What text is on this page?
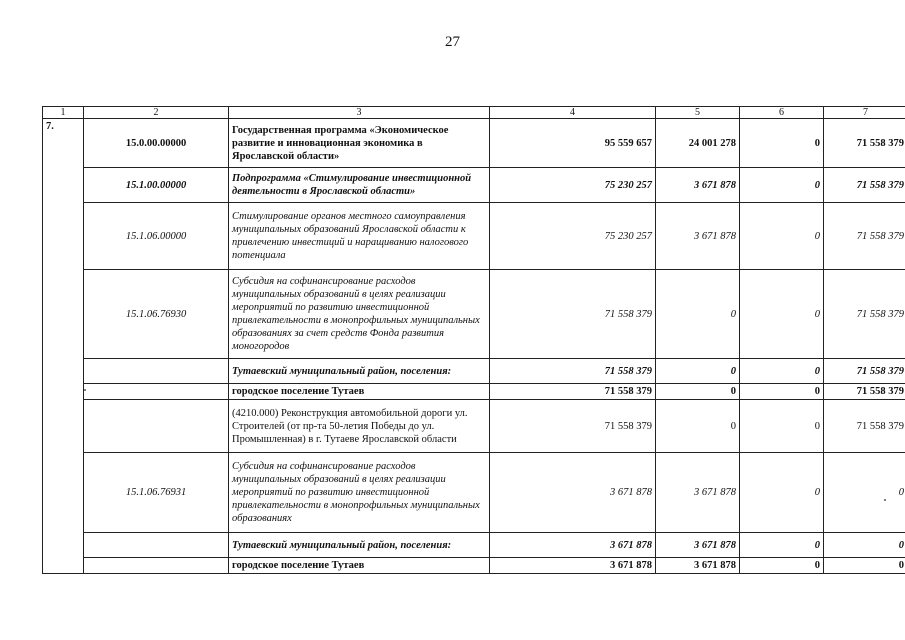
27
1	2	3	4	5	6	7
7.	15.0.00.00000	Государственная программа «Экономическое развитие и инновационная экономика в Ярославской области»	95 559 657	24 001 278	0	71 558 379
	15.1.00.00000	Подпрограмма «Стимулирование инвестиционной деятельности в Ярославской области»	75 230 257	3 671 878	0	71 558 379
	15.1.06.00000	Стимулирование органов местного самоуправления муниципальных образований Ярославской области к привлечению инвестиций и наращиванию налогового потенциала	75 230 257	3 671 878	0	71 558 379
	15.1.06.76930	Субсидия на софинансирование расходов муниципальных образований в целях реализации мероприятий по развитию инвестиционной привлекательности в монопрофильных муниципальных образованиях за счет средств Фонда развития моногородов	71 558 379	0	0	71 558 379
		Тутаевский муниципальный район, поселения:	71 558 379	0	0	71 558 379
		городское поселение Тутаев	71 558 379	0	0	71 558 379
		(4210.000) Реконструкция автомобильной дороги ул. Строителей (от пр-та 50-летия Победы до ул. Промышленная) в г. Тутаеве Ярославской области	71 558 379	0	0	71 558 379
	15.1.06.76931	Субсидия на софинансирование расходов муниципальных образований в целях реализации мероприятий по развитию инвестиционной привлекательности в монопрофильных муниципальных образованиях	3 671 878	3 671 878	0	0
		Тутаевский муниципальный район, поселения:	3 671 878	3 671 878	0	0
		городское поселение Тутаев	3 671 878	3 671 878	0	0
